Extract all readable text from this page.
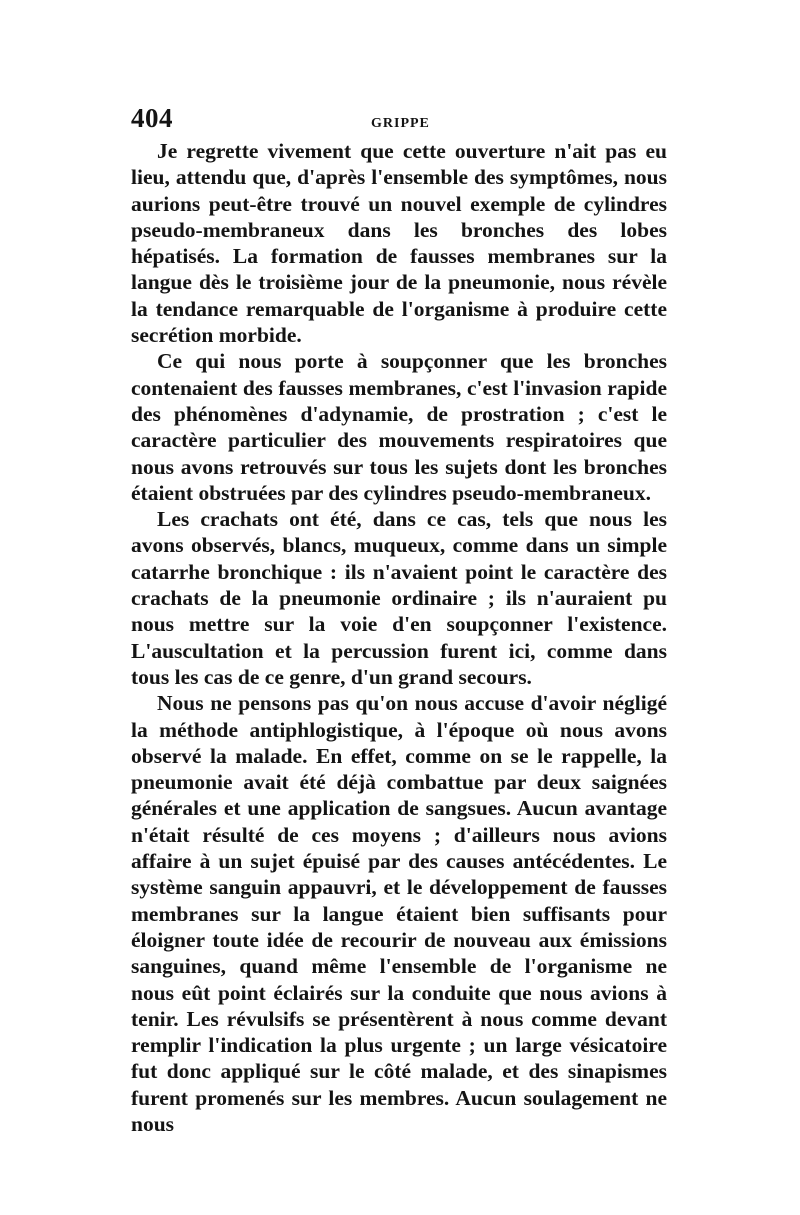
404	GRIPPE

Je regrette vivement que cette ouverture n'ait pas eu lieu, attendu que, d'après l'ensemble des symptômes, nous aurions peut-être trouvé un nouvel exemple de cylindres pseudo-membraneux dans les bronches des lobes hépatisés. La formation de fausses membranes sur la langue dès le troisième jour de la pneumonie, nous révèle la tendance remarquable de l'organisme à produire cette secrétion morbide.

Ce qui nous porte à soupçonner que les bronches contenaient des fausses membranes, c'est l'invasion rapide des phénomènes d'adynamie, de prostration ; c'est le caractère particulier des mouvements respiratoires que nous avons retrouvés sur tous les sujets dont les bronches étaient obstruées par des cylindres pseudo-membraneux.

Les crachats ont été, dans ce cas, tels que nous les avons observés, blancs, muqueux, comme dans un simple catarrhe bronchique : ils n'avaient point le caractère des crachats de la pneumonie ordinaire ; ils n'auraient pu nous mettre sur la voie d'en soupçonner l'existence. L'auscultation et la percussion furent ici, comme dans tous les cas de ce genre, d'un grand secours.

Nous ne pensons pas qu'on nous accuse d'avoir négligé la méthode antiphlogistique, à l'époque où nous avons observé la malade. En effet, comme on se le rappelle, la pneumonie avait été déjà combattue par deux saignées générales et une application de sangsues. Aucun avantage n'était résulté de ces moyens ; d'ailleurs nous avions affaire à un sujet épuisé par des causes antécédentes. Le système sanguin appauvri, et le développement de fausses membranes sur la langue étaient bien suffisants pour éloigner toute idée de recourir de nouveau aux émissions sanguines, quand même l'ensemble de l'organisme ne nous eût point éclairés sur la conduite que nous avions à tenir. Les révulsifs se présentèrent à nous comme devant remplir l'indication la plus urgente ; un large vésicatoire fut donc appliqué sur le côté malade, et des sinapismes furent promenés sur les membres. Aucun soulagement ne nous
